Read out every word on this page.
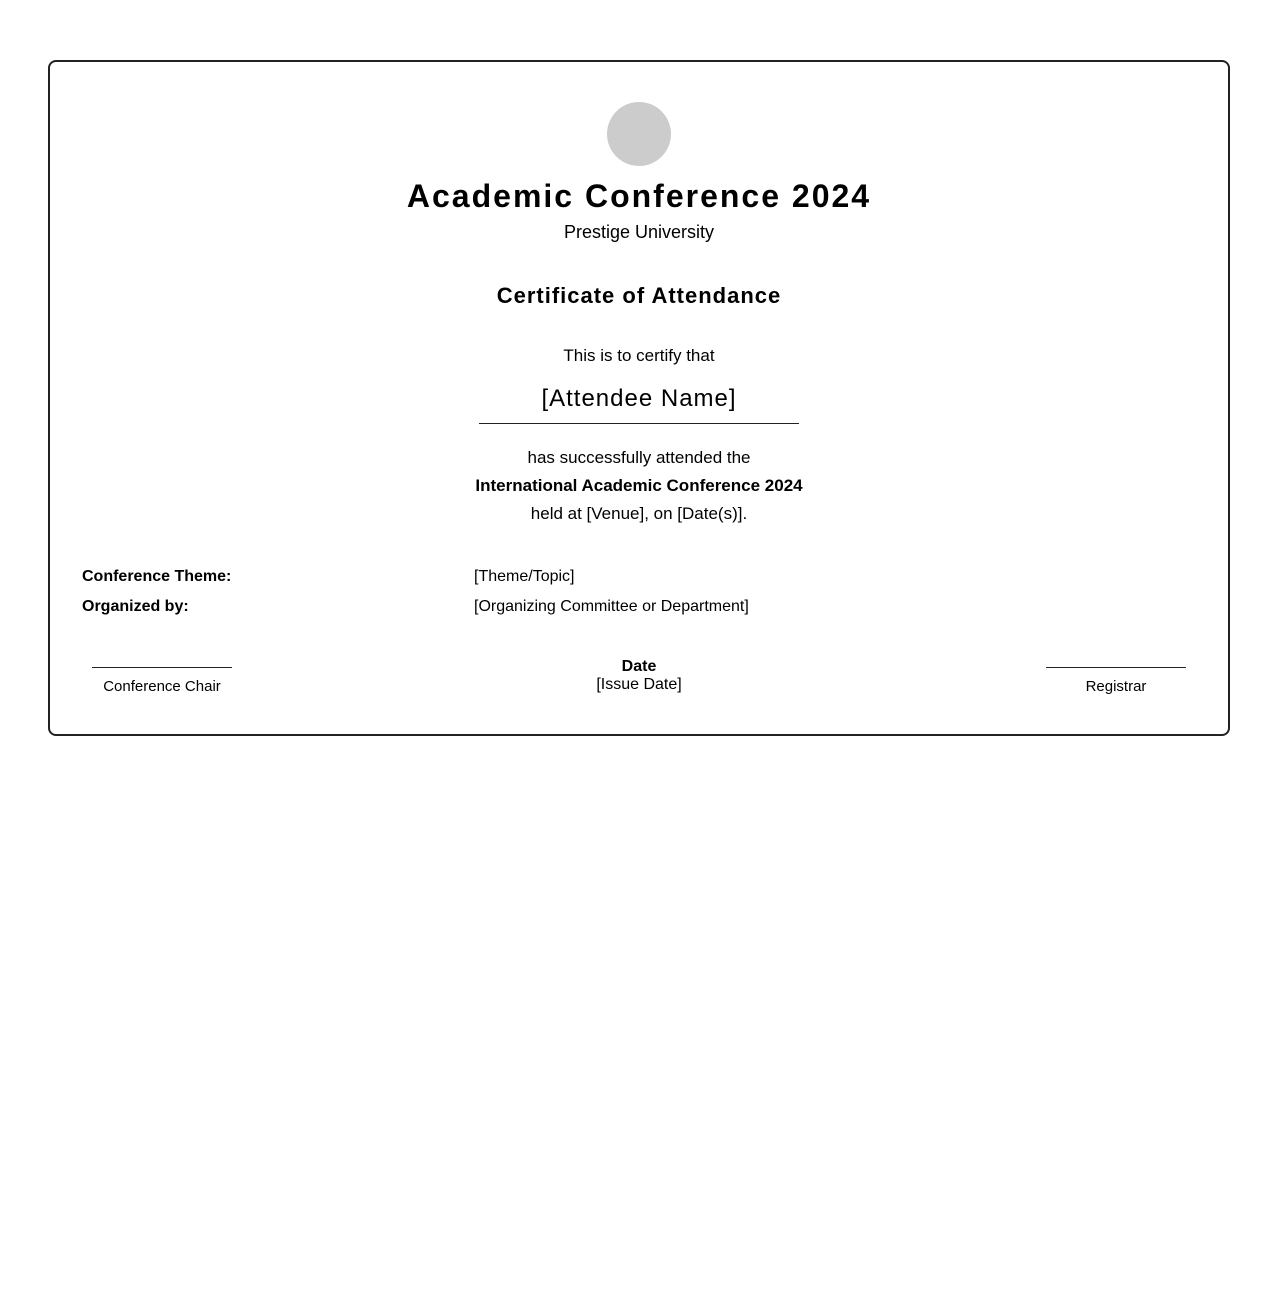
Academic Conference 2024
Prestige University
Certificate of Attendance
This is to certify that
[Attendee Name]
has successfully attended the
International Academic Conference 2024
held at [Venue], on [Date(s)].
Conference Theme:	[Theme/Topic]
Organized by:	[Organizing Committee or Department]
Conference Chair
Date
[Issue Date]	Registrar
